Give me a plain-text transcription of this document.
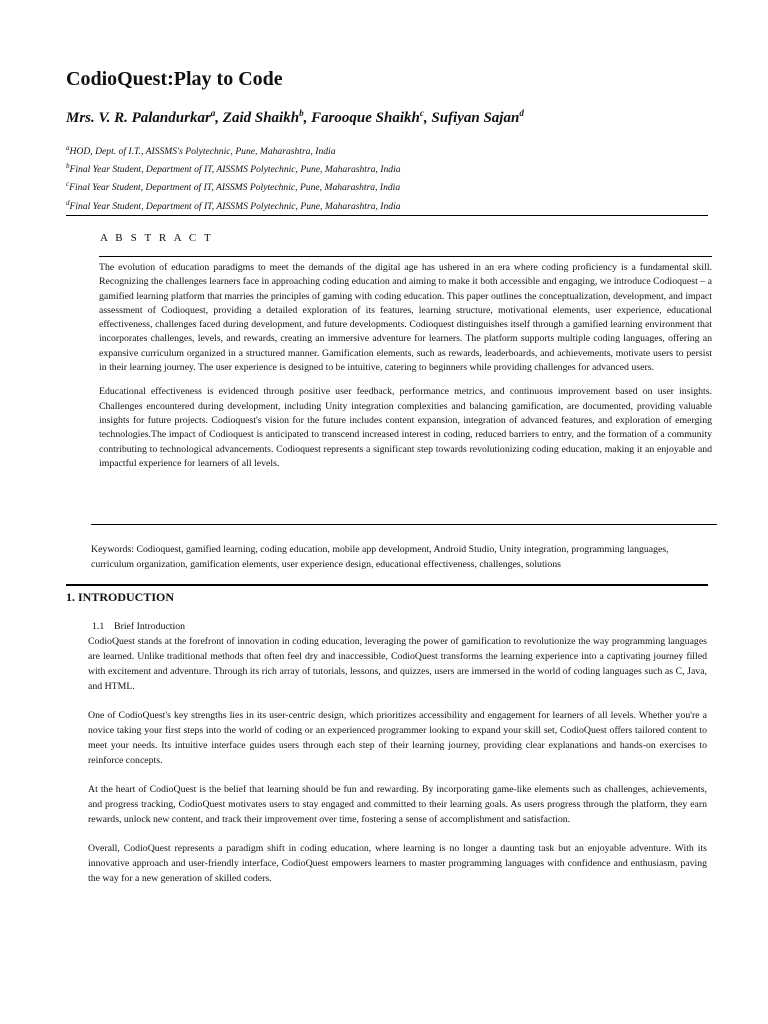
CodioQuest:Play to Code
Mrs. V. R. Palandurkar$^a$, Zaid Shaikh$^b$, Farooque Shaikh$^c$, Sufiyan Sajan$^d$
$^a$HOD, Dept. of I.T., AISSMS's Polytechnic, Pune, Maharashtra, India
$^b$Final Year Student, Department of IT, AISSMS Polytechnic, Pune, Maharashtra, India
$^c$Final Year Student, Department of IT, AISSMS Polytechnic, Pune, Maharashtra, India
$^d$Final Year Student, Department of IT, AISSMS Polytechnic, Pune, Maharashtra, India
A B S T R A C T

The evolution of education paradigms to meet the demands of the digital age has ushered in an era where coding proficiency is a fundamental skill. Recognizing the challenges learners face in approaching coding education and aiming to make it both accessible and engaging, we introduce Codioquest – a gamified learning platform that marries the principles of gaming with coding education. This paper outlines the conceptualization, development, and impact assessment of Codioquest, providing a detailed exploration of its features, learning structure, motivational elements, user experience, educational effectiveness, challenges faced during development, and future developments. Codioquest distinguishes itself through a gamified learning environment that incorporates challenges, levels, and rewards, creating an immersive adventure for learners. The platform supports multiple coding languages, offering an expansive curriculum organized in a structured manner. Gamification elements, such as rewards, leaderboards, and achievements, motivate users to persist in their learning journey. The user experience is designed to be intuitive, catering to beginners while providing challenges for advanced users.

Educational effectiveness is evidenced through positive user feedback, performance metrics, and continuous improvement based on user insights. Challenges encountered during development, including Unity integration complexities and balancing gamification, are documented, providing valuable insights for future projects. Codioquest's vision for the future includes content expansion, integration of advanced features, and exploration of emerging technologies.The impact of Codioquest is anticipated to transcend increased interest in coding, reduced barriers to entry, and the formation of a community contributing to technological advancements. Codioquest represents a significant step towards revolutionizing coding education, making it an enjoyable and impactful experience for learners of all levels.

Keywords: Codioquest, gamified learning, coding education, mobile app development, Android Studio, Unity integration, programming languages, curriculum organization, gamification elements, user experience design, educational effectiveness, challenges, solutions
1. INTRODUCTION
1.1    Brief Introduction

CodioQuest stands at the forefront of innovation in coding education, leveraging the power of gamification to revolutionize the way programming languages are learned. Unlike traditional methods that often feel dry and inaccessible, CodioQuest transforms the learning experience into a captivating journey filled with excitement and adventure. Through its rich array of tutorials, lessons, and quizzes, users are immersed in the world of coding languages such as C, Java, and HTML.

One of CodioQuest's key strengths lies in its user-centric design, which prioritizes accessibility and engagement for learners of all levels. Whether you're a novice taking your first steps into the world of coding or an experienced programmer looking to expand your skill set, CodioQuest offers tailored content to meet your needs. Its intuitive interface guides users through each step of their learning journey, providing clear explanations and hands-on exercises to reinforce concepts.

At the heart of CodioQuest is the belief that learning should be fun and rewarding. By incorporating game-like elements such as challenges, achievements, and progress tracking, CodioQuest motivates users to stay engaged and committed to their learning goals. As users progress through the platform, they earn rewards, unlock new content, and track their improvement over time, fostering a sense of accomplishment and satisfaction.

Overall, CodioQuest represents a paradigm shift in coding education, where learning is no longer a daunting task but an enjoyable adventure. With its innovative approach and user-friendly interface, CodioQuest empowers learners to master programming languages with confidence and enthusiasm, paving the way for a new generation of skilled coders.
